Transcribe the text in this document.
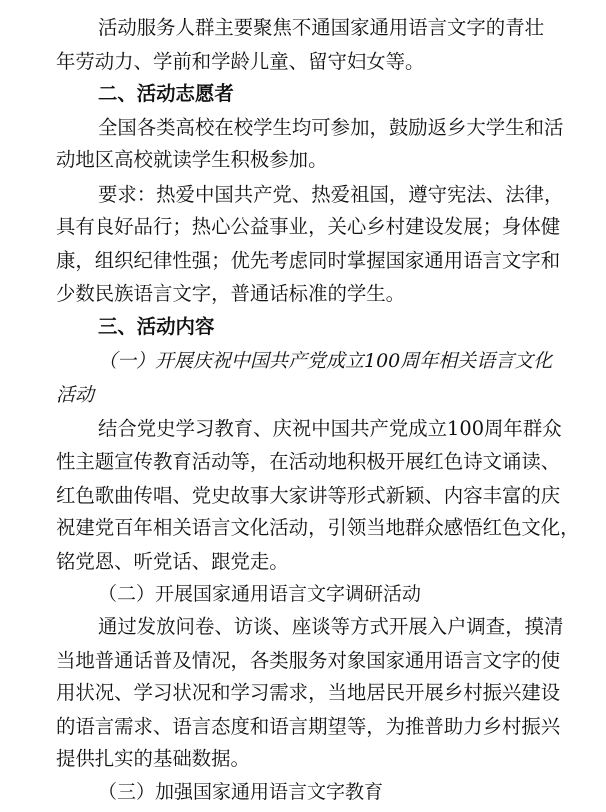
活动服务人群主要聚焦不通国家通用语言文字的青壮
年劳动力、学前和学龄儿童、留守妇女等。
二、活动志愿者
全国各类高校在校学生均可参加，鼓励返乡大学生和活
动地区高校就读学生积极参加。
要求：热爱中国共产党、热爱祖国，遵守宪法、法律，
具有良好品行；热心公益事业，关心乡村建设发展；身体健
康，组织纪律性强；优先考虑同时掌握国家通用语言文字和
少数民族语言文字，普通话标准的学生。
三、活动内容
（一）开展庆祝中国共产党成立100周年相关语言文化
活动
结合党史学习教育、庆祝中国共产党成立100周年群众
性主题宣传教育活动等，在活动地积极开展红色诗文诵读、
红色歌曲传唱、党史故事大家讲等形式新颖、内容丰富的庆
祝建党百年相关语言文化活动，引领当地群众感悟红色文化，
铭党恩、听党话、跟党走。
（二）开展国家通用语言文字调研活动
通过发放问卷、访谈、座谈等方式开展入户调查，摸清
当地普通话普及情况，各类服务对象国家通用语言文字的使
用状况、学习状况和学习需求，当地居民开展乡村振兴建设
的语言需求、语言态度和语言期望等，为推普助力乡村振兴
提供扎实的基础数据。
（三）加强国家通用语言文字教育
